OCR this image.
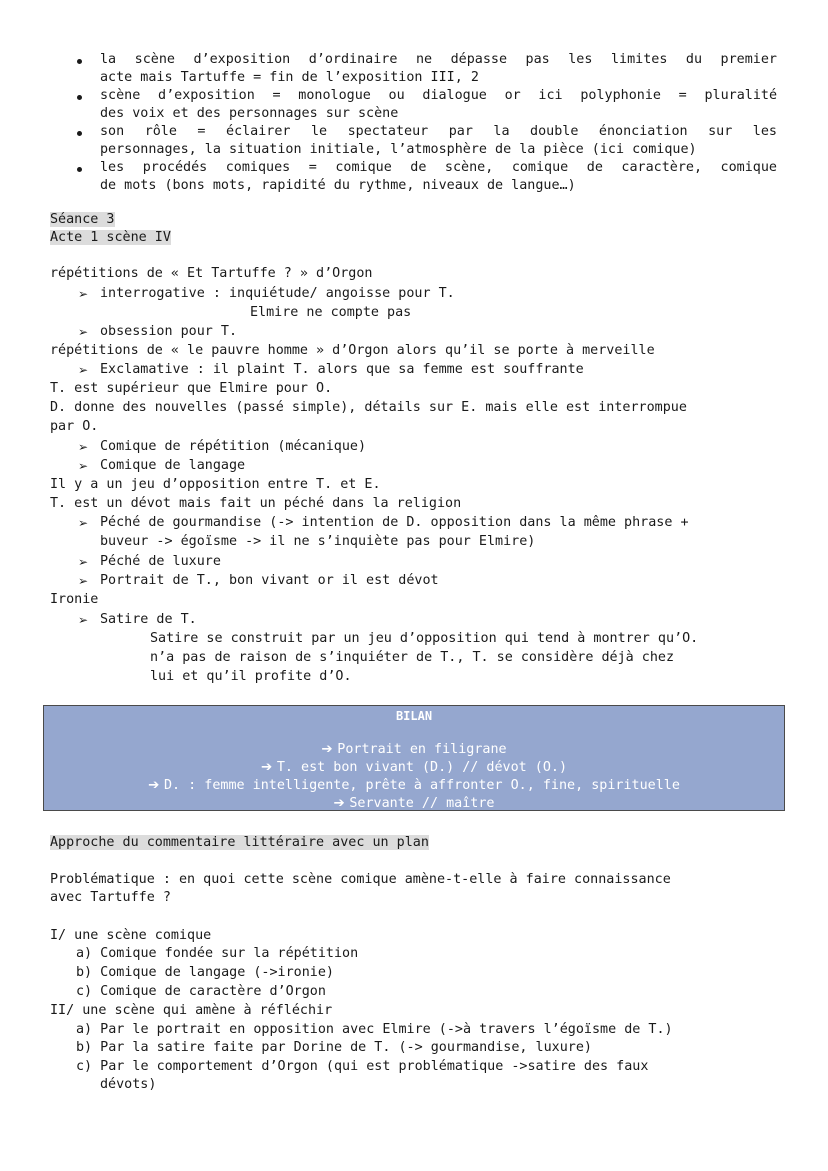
la scène d’exposition d’ordinaire ne dépasse pas les limites du premier
acte mais Tartuffe = fin de l’exposition III, 2
scène d’exposition = monologue ou dialogue or ici polyphonie = pluralité
des voix et des personnages sur scène
son rôle = éclairer le spectateur par la double énonciation sur les
personnages, la situation initiale, l’atmosphère de la pièce (ici comique)
les procédés comiques = comique de scène, comique de caractère, comique
de mots (bons mots, rapidité du rythme, niveaux de langue…)
Séance 3
Acte 1 scène IV
répétitions de « Et Tartuffe ? » d’Orgon
➢ interrogative : inquiétude/ angoisse pour T.
Elmire ne compte pas
➢ obsession pour T.
répétitions de « le pauvre homme » d’Orgon alors qu’il se porte à merveille
➢ Exclamative : il plaint T. alors que sa femme est souffrante
T. est supérieur que Elmire pour O.
D. donne des nouvelles (passé simple), détails sur E. mais elle est interrompue
par O.
➢ Comique de répétition (mécanique)
➢ Comique de langage
Il y a un jeu d’opposition entre T. et E.
T. est un dévot mais fait un péché dans la religion
➢ Péché de gourmandise (-> intention de D. opposition dans la même phrase +
buveur -> égoïsme -> il ne s’inquiète pas pour Elmire)
➢ Péché de luxure
➢ Portrait de T., bon vivant or il est dévot
Ironie
➢ Satire de T.
Satire se construit par un jeu d’opposition qui tend à montrer qu’O.
n’a pas de raison de s’inquiéter de T., T. se considère déjà chez
lui et qu’il profite d’O.
BILAN
➔ Portrait en filigrane
➔ T. est bon vivant (D.) // dévot (O.)
➔ D. : femme intelligente, prête à affronter O., fine, spirituelle
➔ Servante // maître
Approche du commentaire littéraire avec un plan
Problématique : en quoi cette scène comique amène-t-elle à faire connaissance
avec Tartuffe ?
I/ une scène comique
a) Comique fondée sur la répétition
b) Comique de langage (->ironie)
c) Comique de caractère d’Orgon
II/ une scène qui amène à réfléchir
a) Par le portrait en opposition avec Elmire (->à travers l’égoïsme de T.)
b) Par la satire faite par Dorine de T. (-> gourmandise, luxure)
c) Par le comportement d’Orgon (qui est problématique ->satire des faux
dévots)
